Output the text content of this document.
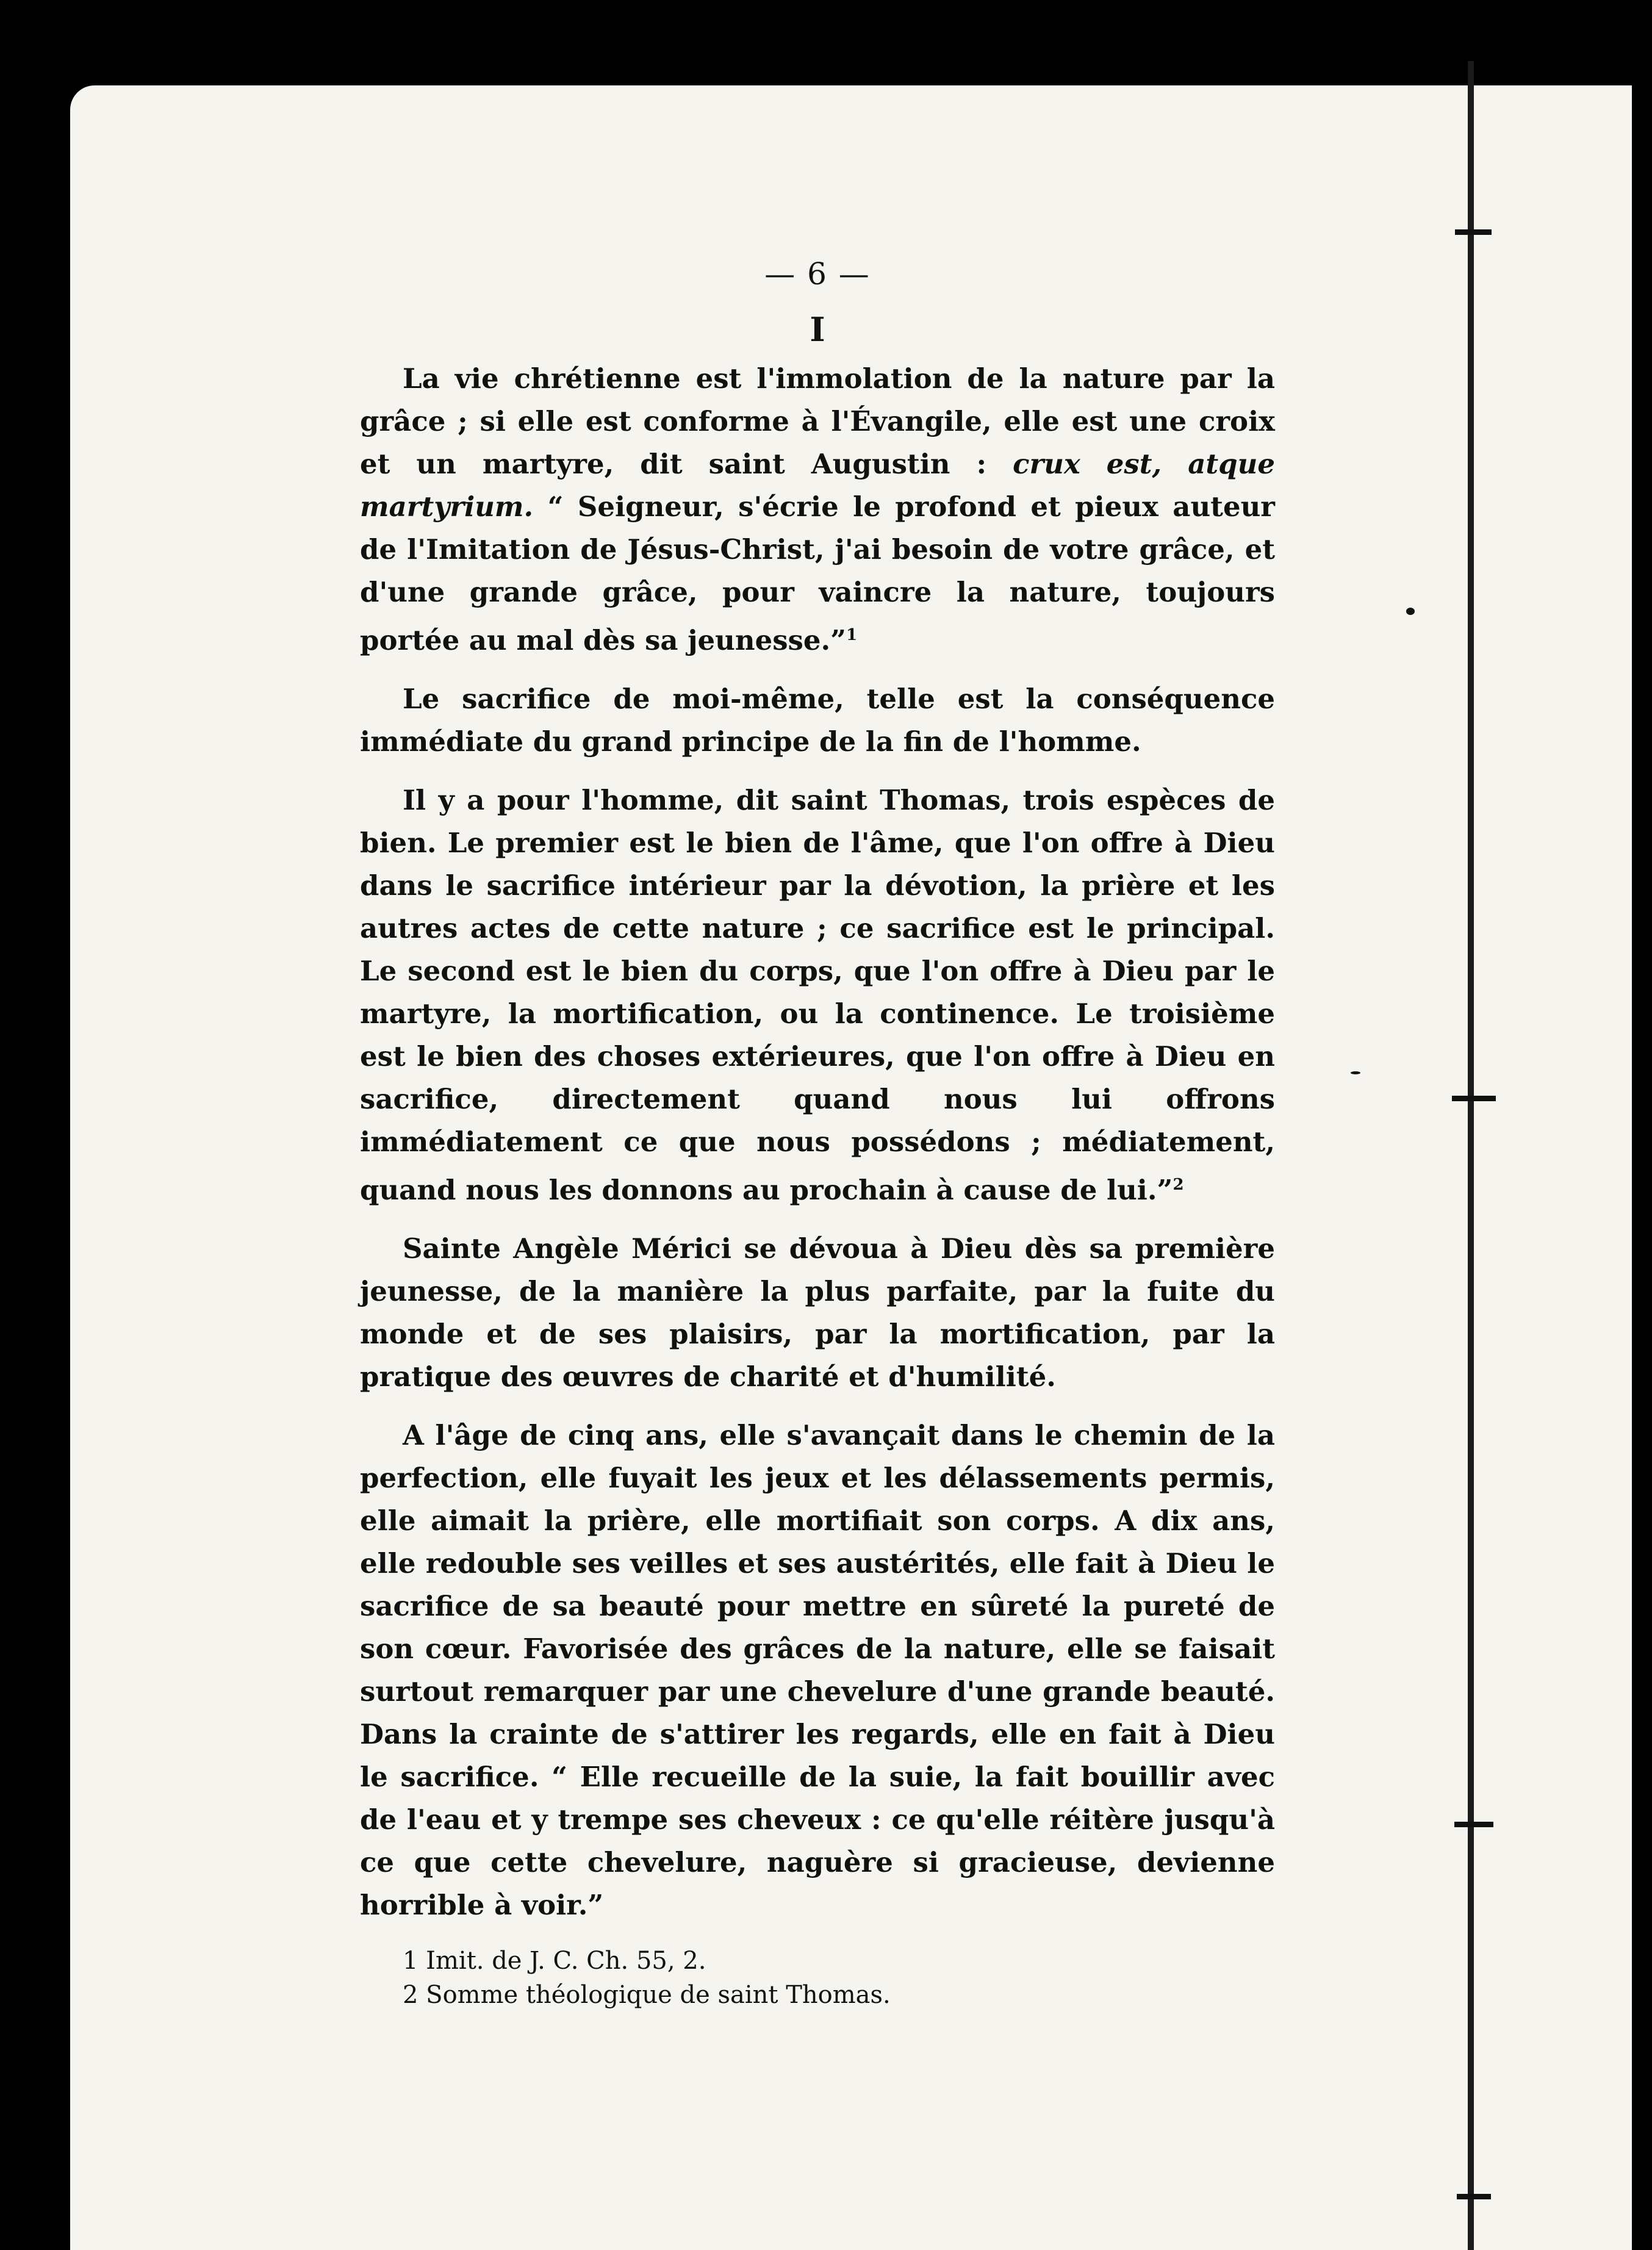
— 6 —
I

La vie chrétienne est l'immolation de la nature par la grâce ; si elle est conforme à l'Évangile, elle est une croix et un martyre, dit saint Augustin : crux est, atque martyrium. “ Seigneur, s'écrie le profond et pieux auteur de l'Imitation de Jésus-Christ, j'ai besoin de votre grâce, et d'une grande grâce, pour vaincre la nature, toujours portée au mal dès sa jeunesse.”$^1$

Le sacrifice de moi-même, telle est la conséquence immédiate du grand principe de la fin de l'homme.

Il y a pour l'homme, dit saint Thomas, trois espèces de bien. Le premier est le bien de l'âme, que l'on offre à Dieu dans le sacrifice intérieur par la dévotion, la prière et les autres actes de cette nature ; ce sacrifice est le principal. Le second est le bien du corps, que l'on offre à Dieu par le martyre, la mortification, ou la continence. Le troisième est le bien des choses extérieures, que l'on offre à Dieu en sacrifice, directement quand nous lui offrons immédiatement ce que nous possédons ; médiatement, quand nous les donnons au prochain à cause de lui.”$^2$

Sainte Angèle Mérici se dévoua à Dieu dès sa première jeunesse, de la manière la plus parfaite, par la fuite du monde et de ses plaisirs, par la mortification, par la pratique des œuvres de charité et d'humilité.

A l'âge de cinq ans, elle s'avançait dans le chemin de la perfection, elle fuyait les jeux et les délassements permis, elle aimait la prière, elle mortifiait son corps. A dix ans, elle redouble ses veilles et ses austérités, elle fait à Dieu le sacrifice de sa beauté pour mettre en sûreté la pureté de son cœur. Favorisée des grâces de la nature, elle se faisait surtout remarquer par une chevelure d'une grande beauté. Dans la crainte de s'attirer les regards, elle en fait à Dieu le sacrifice. “ Elle recueille de la suie, la fait bouillir avec de l'eau et y trempe ses cheveux : ce qu'elle réitère jusqu'à ce que cette chevelure, naguère si gracieuse, devienne horrible à voir.”

1 Imit. de J. C. Ch. 55, 2.

2 Somme théologique de saint Thomas.
